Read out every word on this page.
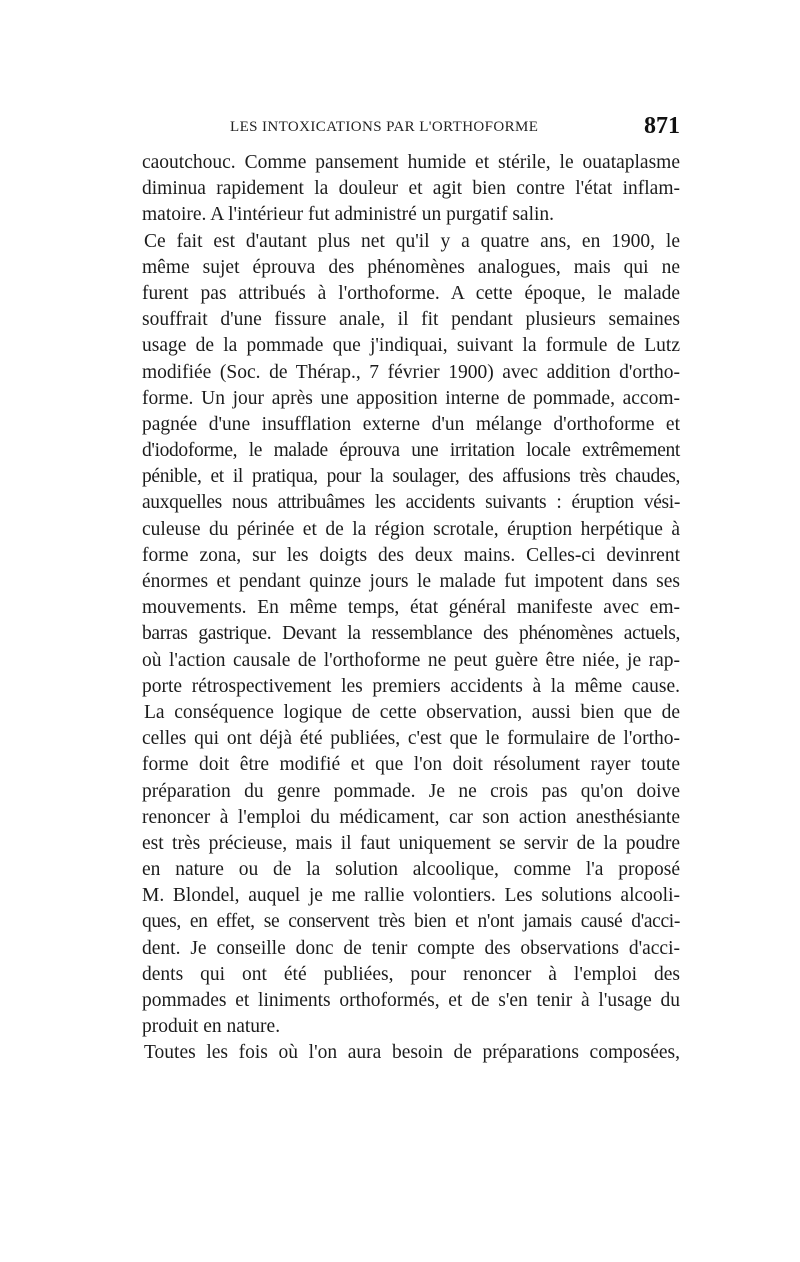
LES INTOXICATIONS PAR L'ORTHOFORME	871
caoutchouc. Comme pansement humide et stérile, le ouataplasme
diminua rapidement la douleur et agit bien contre l'état inflam-
matoire. A l'intérieur fut administré un purgatif salin.
Ce fait est d'autant plus net qu'il y a quatre ans, en 1900, le
même sujet éprouva des phénomènes analogues, mais qui ne
furent pas attribués à l'orthoforme. A cette époque, le malade
souffrait d'une fissure anale, il fit pendant plusieurs semaines
usage de la pommade que j'indiquai, suivant la formule de Lutz
modifiée (Soc. de Thérap., 7 février 1900) avec addition d'ortho-
forme. Un jour après une apposition interne de pommade, accom-
pagnée d'une insufflation externe d'un mélange d'orthoforme et
d'iodoforme, le malade éprouva une irritation locale extrêmement
pénible, et il pratiqua, pour la soulager, des affusions très chaudes,
auxquelles nous attribuâmes les accidents suivants : éruption vési-
culeuse du périnée et de la région scrotale, éruption herpétique à
forme zona, sur les doigts des deux mains. Celles-ci devinrent
énormes et pendant quinze jours le malade fut impotent dans ses
mouvements. En même temps, état général manifeste avec em-
barras gastrique. Devant la ressemblance des phénomènes actuels,
où l'action causale de l'orthoforme ne peut guère être niée, je rap-
porte rétrospectivement les premiers accidents à la même cause.
La conséquence logique de cette observation, aussi bien que de
celles qui ont déjà été publiées, c'est que le formulaire de l'ortho-
forme doit être modifié et que l'on doit résolument rayer toute
préparation du genre pommade. Je ne crois pas qu'on doive
renoncer à l'emploi du médicament, car son action anesthésiante
est très précieuse, mais il faut uniquement se servir de la poudre
en nature ou de la solution alcoolique, comme l'a proposé
M. Blondel, auquel je me rallie volontiers. Les solutions alcooli-
ques, en effet, se conservent très bien et n'ont jamais causé d'acci-
dent. Je conseille donc de tenir compte des observations d'acci-
dents qui ont été publiées, pour renoncer à l'emploi des
pommades et liniments orthoformés, et de s'en tenir à l'usage du
produit en nature.
Toutes les fois où l'on aura besoin de préparations composées,
